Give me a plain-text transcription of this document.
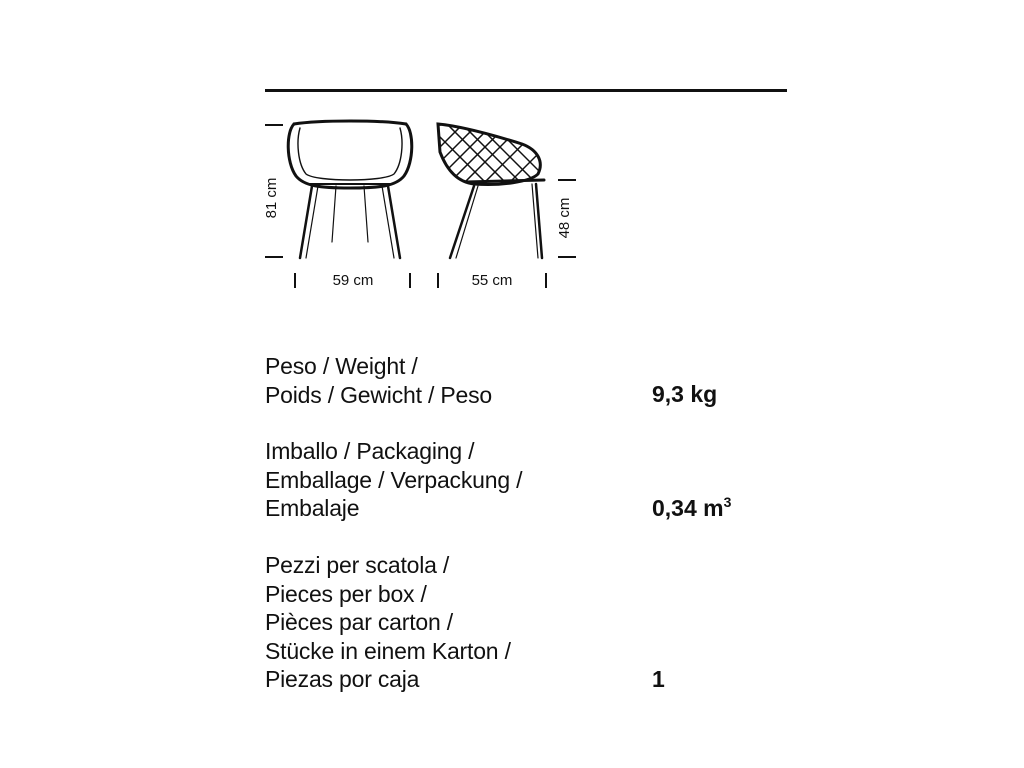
81 cm	48 cm
59 cm	55 cm
Peso / Weight /
Poids / Gewicht / Peso	9,3 kg
Imballo / Packaging /
Emballage / Verpackung /
Embalaje	0,34 $m^3$
Pezzi per scatola /
Pieces per box /
Pièces par carton /
Stücke in einem Karton /
Piezas por caja	1
